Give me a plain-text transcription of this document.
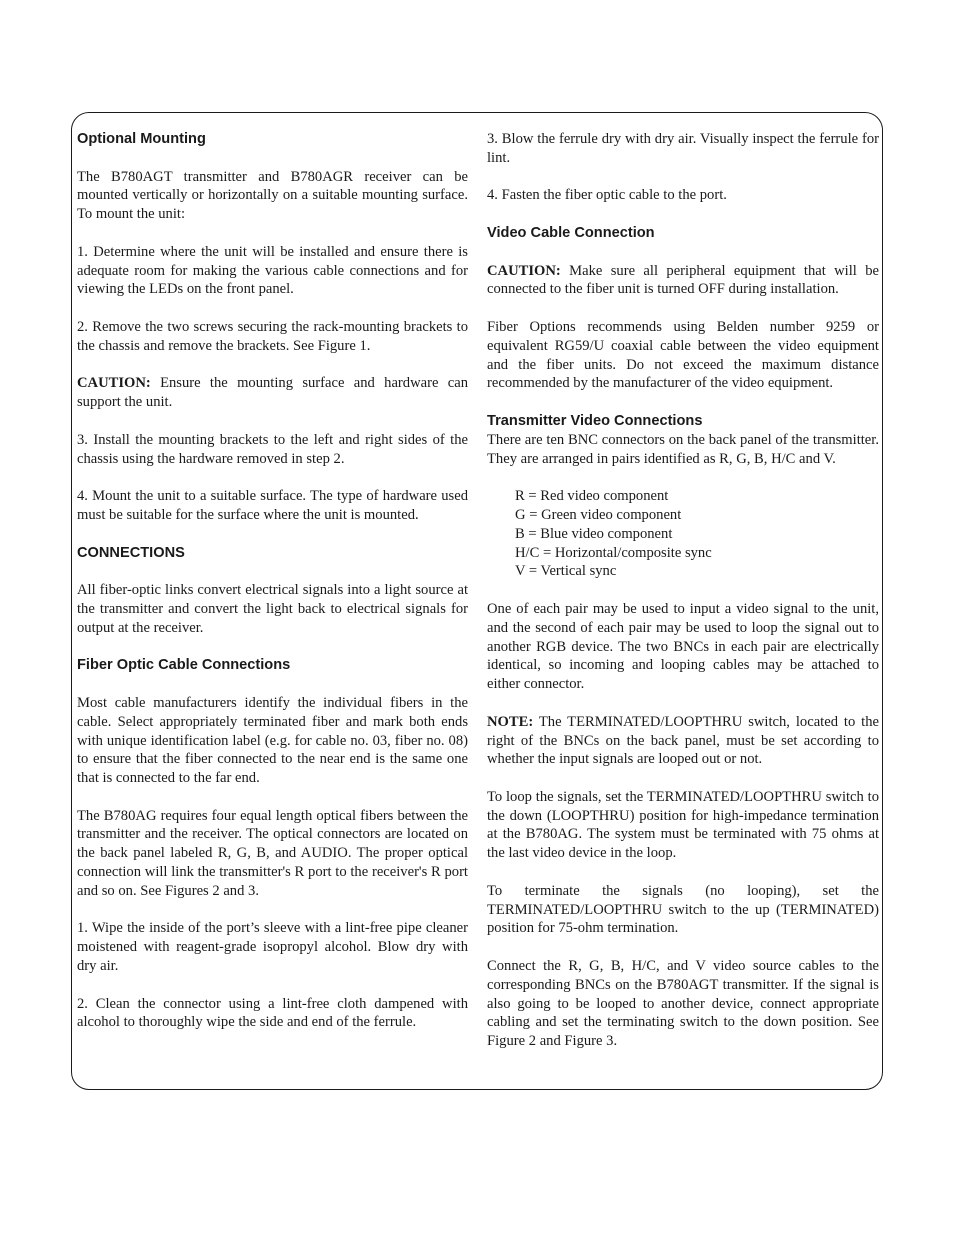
Optional Mounting

The B780AGT transmitter and B780AGR receiver can be mounted vertically or horizontally on a suitable mounting surface. To mount the unit:

1. Determine where the unit will be installed and ensure there is adequate room for making the various cable connections and for viewing the LEDs on the front panel.

2. Remove the two screws securing the rack-mounting brackets to the chassis and remove the brackets. See Figure 1.

CAUTION: Ensure the mounting surface and hardware can support the unit.

3. Install the mounting brackets to the left and right sides of the chassis using the hardware removed in step 2.

4. Mount the unit to a suitable surface. The type of hardware used must be suitable for the surface where the unit is mounted.

CONNECTIONS

All fiber-optic links convert electrical signals into a light source at the transmitter and convert the light back to electrical signals for output at the receiver.

Fiber Optic Cable Connections

Most cable manufacturers identify the individual fibers in the cable. Select appropriately terminated fiber and mark both ends with unique identification label (e.g. for cable no. 03, fiber no. 08) to ensure that the fiber connected to the near end is the same one that is connected to the far end.

The B780AG requires four equal length optical fibers between the transmitter and the receiver. The optical connectors are located on the back panel labeled R, G, B, and AUDIO. The proper optical connection will link the transmitter's R port to the receiver's R port and so on. See Figures 2 and 3.

1. Wipe the inside of the port’s sleeve with a lint-free pipe cleaner moistened with reagent-grade isopropyl alcohol. Blow dry with dry air.

2. Clean the connector using a lint-free cloth dampened with alcohol to thoroughly wipe the side and end of the ferrule.

3. Blow the ferrule dry with dry air. Visually inspect the ferrule for lint.

4. Fasten the fiber optic cable to the port.

Video Cable Connection

CAUTION: Make sure all peripheral equipment that will be connected to the fiber unit is turned OFF during installation.

Fiber Options recommends using Belden number 9259 or equivalent RG59/U coaxial cable between the video equipment and the fiber units. Do not exceed the maximum distance recommended by the manufacturer of the video equipment.

Transmitter Video Connections

There are ten BNC connectors on the back panel of the transmitter. They are arranged in pairs identified as R, G, B, H/C and V.

R = Red video component
G = Green video component
B = Blue video component
H/C = Horizontal/composite sync
V = Vertical sync

One of each pair may be used to input a video signal to the unit, and the second of each pair may be used to loop the signal out to another RGB device. The two BNCs in each pair are electrically identical, so incoming and looping cables may be attached to either connector.

NOTE: The TERMINATED/LOOPTHRU switch, located to the right of the BNCs on the back panel, must be set according to whether the input signals are looped out or not.

To loop the signals, set the TERMINATED/LOOPTHRU switch to the down (LOOPTHRU) position for high-impedance termination at the B780AG. The system must be terminated with 75 ohms at the last video device in the loop.

To terminate the signals (no looping), set the TERMINATED/LOOPTHRU switch to the up (TERMINATED) position for 75-ohm termination.

Connect the R, G, B, H/C, and V video source cables to the corresponding BNCs on the B780AGT transmitter. If the signal is also going to be looped to another device, connect appropriate cabling and set the terminating switch to the down position. See Figure 2 and Figure 3.
